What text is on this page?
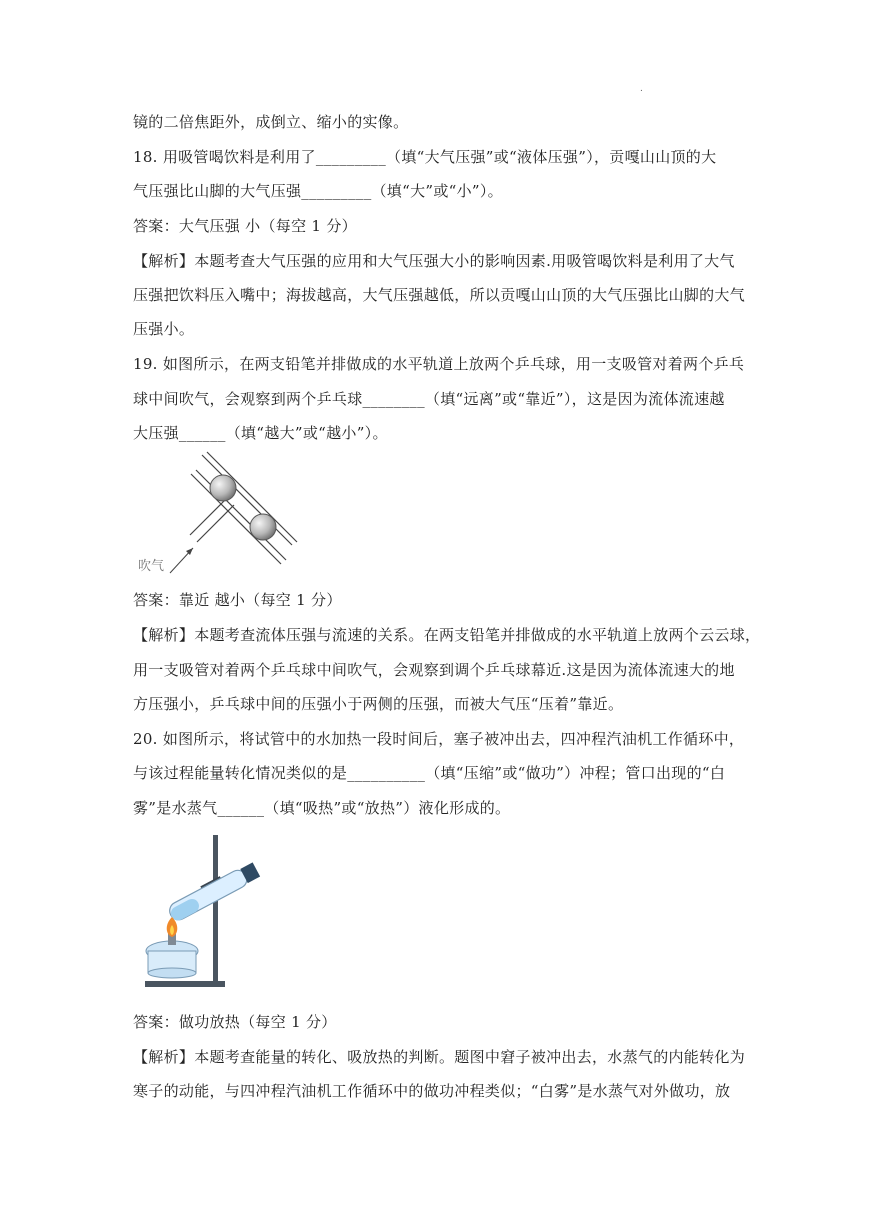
.
镜的二倍焦距外，成倒立、缩小的实像。
18. 用吸管喝饮料是利用了_________（填“大气压强”或“液体压强”），贡嘎山山顶的大
气压强比山脚的大气压强_________（填“大”或“小”）。
答案：大气压强 小（每空 1 分）
【解析】本题考查大气压强的应用和大气压强大小的影响因素.用吸管喝饮料是利用了大气
压强把饮料压入嘴中；海拔越高，大气压强越低，所以贡嘎山山顶的大气压强比山脚的大气
压强小。
19. 如图所示，在两支铅笔并排做成的水平轨道上放两个乒乓球，用一支吸管对着两个乒乓
球中间吹气，会观察到两个乒乓球________（填“远离”或“靠近”），这是因为流体流速越
大压强______（填“越大”或“越小”）。
吹气
答案：靠近 越小（每空 1 分）
【解析】本题考查流体压强与流速的关系。在两支铅笔并排做成的水平轨道上放两个云云球，
用一支吸管对着两个乒乓球中间吹气，会观察到调个乒乓球幕近.这是因为流体流速大的地
方压强小，乒乓球中间的压强小于两侧的压强，而被大气压“压着”靠近。
20. 如图所示，将试管中的水加热一段时间后，塞子被冲出去，四冲程汽油机工作循环中，
与该过程能量转化情况类似的是__________（填“压缩”或“做功”）冲程；管口出现的“白
雾”是水蒸气______（填“吸热”或“放热”）液化形成的。
答案：做功放热（每空 1 分）
【解析】本题考查能量的转化、吸放热的判断。题图中窘子被冲出去，水蒸气的内能转化为
寒子的动能，与四冲程汽油机工作循环中的做功冲程类似；“白雾”是水蒸气对外做功，放
